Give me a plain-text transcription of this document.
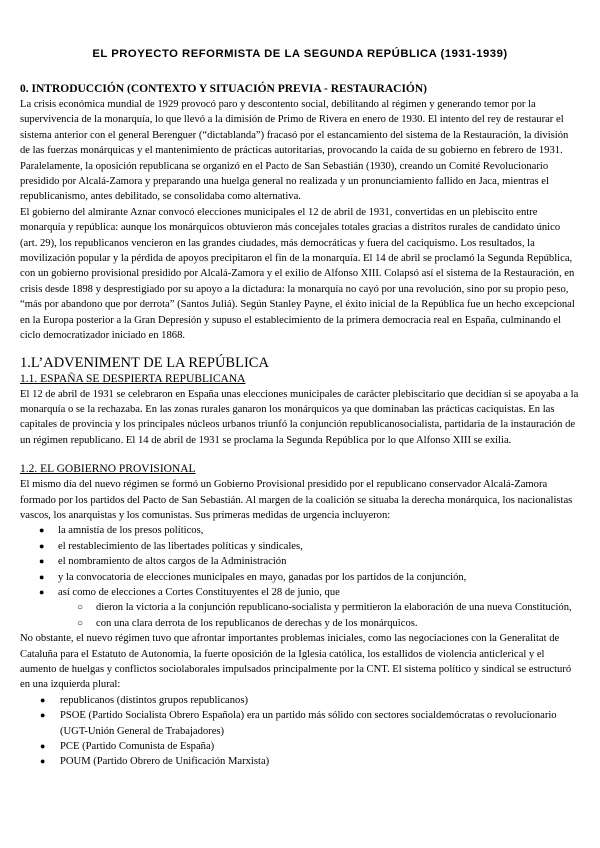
EL PROYECTO REFORMISTA DE LA SEGUNDA REPÚBLICA (1931-1939)
0. INTRODUCCIÓN (CONTEXTO Y SITUACIÓN PREVIA - RESTAURACIÓN)

La crisis económica mundial de 1929 provocó paro y descontento social, debilitando al régimen y generando temor por la supervivencia de la monarquía, lo que llevó a la dimisión de Primo de Rivera en enero de 1930. El intento del rey de restaurar el sistema anterior con el general Berenguer (“dictablanda”) fracasó por el estancamiento del sistema de la Restauración, la división de las fuerzas monárquicas y el mantenimiento de prácticas autoritarias, provocando la caída de su gobierno en febrero de 1931. Paralelamente, la oposición republicana se organizó en el Pacto de San Sebastián (1930), creando un Comité Revolucionario presidido por Alcalá-Zamora y preparando una huelga general no realizada y un pronunciamiento fallido en Jaca, mientras el republicanismo, antes debilitado, se consolidaba como alternativa.

El gobierno del almirante Aznar convocó elecciones municipales el 12 de abril de 1931, convertidas en un plebiscito entre monarquía y república: aunque los monárquicos obtuvieron más concejales totales gracias a distritos rurales de candidato único (art. 29), los republicanos vencieron en las grandes ciudades, más democráticas y fuera del caciquismo. Los resultados, la movilización popular y la pérdida de apoyos precipitaron el fin de la monarquía. El 14 de abril se proclamó la Segunda República, con un gobierno provisional presidido por Alcalá-Zamora y el exilio de Alfonso XIII. Colapsó así el sistema de la Restauración, en crisis desde 1898 y desprestigiado por su apoyo a la dictadura: la monarquía no cayó por una revolución, sino por su propio peso, “más por abandono que por derrota” (Santos Juliá). Según Stanley Payne, el éxito inicial de la República fue un hecho excepcional en la Europa posterior a la Gran Depresión y supuso el establecimiento de la primera democracia real en España, culminando el ciclo democratizador iniciado en 1868.

1.L’ADVENIMENT DE LA REPÚBLICA
1.1. ESPAÑA SE DESPIERTA REPUBLICANA

El 12 de abril de 1931 se celebraron en España unas elecciones municipales de carácter plebiscitario que decidían si se apoyaba a la monarquía o se la rechazaba. En las zonas rurales ganaron los monárquicos ya que dominaban las prácticas caciquistas. En las capitales de provincia y los principales núcleos urbanos triunfó la conjunción republicanosocialista, partidaria de la instauración de un régimen republicano. El 14 de abril de 1931 se proclama la Segunda República por lo que Alfonso XIII se exilia.

1.2. EL GOBIERNO PROVISIONAL

El mismo día del nuevo régimen se formó un Gobierno Provisional presidido por el republicano conservador Alcalá-Zamora formado por los partidos del Pacto de San Sebastián. Al margen de la coalición se situaba la derecha monárquica, los nacionalistas vascos, los anarquistas y los comunistas. Sus primeras medidas de urgencia incluyeron:

● la amnistía de los presos políticos,
● el restablecimiento de las libertades políticas y sindicales,
● el nombramiento de altos cargos de la Administración
● y la convocatoria de elecciones municipales en mayo, ganadas por los partidos de la conjunción,
● así como de elecciones a Cortes Constituyentes el 28 de junio, que
○ dieron la victoria a la conjunción republicano-socialista y permitieron la elaboración de una nueva Constitución,
○ con una clara derrota de los republicanos de derechas y de los monárquicos.

No obstante, el nuevo régimen tuvo que afrontar importantes problemas iniciales, como las negociaciones con la Generalitat de Cataluña para el Estatuto de Autonomía, la fuerte oposición de la Iglesia católica, los estallidos de violencia anticlerical y el aumento de huelgas y conflictos sociolaborales impulsados principalmente por la CNT. El sistema político y sindical se estructuró en una izquierda plural:

● republicanos (distintos grupos republicanos)
● PSOE (Partido Socialista Obrero Española) era un partido más sólido con sectores socialdemócratas o revolucionario (UGT-Unión General de Trabajadores)
● PCE (Partido Comunista de España)
● POUM (Partido Obrero de Unificación Marxista)
